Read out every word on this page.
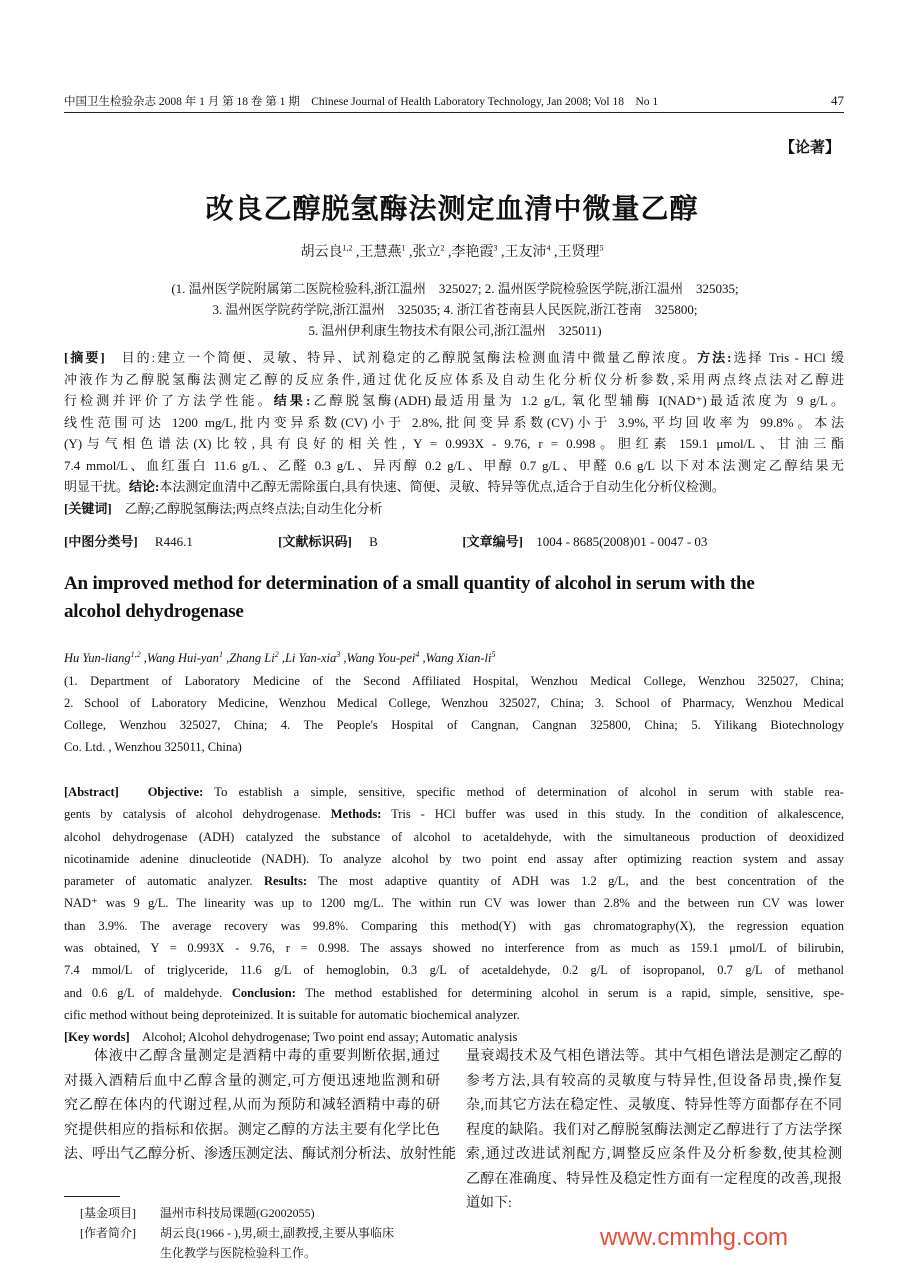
中国卫生检验杂志 2008 年 1 月 第 18 卷 第 1 期　Chinese Journal of Health Laboratory Technology, Jan 2008; Vol 18　No 1	47
【论著】
改良乙醇脱氢酶法测定血清中微量乙醇
胡云良$^{1,2}$ ,王慧燕$^1$ ,张立$^2$ ,李艳霞$^3$ ,王友沛$^4$ ,王贤理$^5$
(1. 温州医学院附属第二医院检验科,浙江温州　325027; 2. 温州医学院检验医学院,浙江温州　325035;
3. 温州医学院药学院,浙江温州　325035; 4. 浙江省苍南县人民医院,浙江苍南　325800;
5. 温州伊利康生物技术有限公司,浙江温州　325011)
[摘要]　目的:建立一个简便、灵敏、特异、试剂稳定的乙醇脱氢酶法检测血清中微量乙醇浓度。方法:选择 Tris - HCl 缓
冲液作为乙醇脱氢酶法测定乙醇的反应条件,通过优化反应体系及自动生化分析仪分析参数,采用两点终点法对乙醇进
行检测并评价了方法学性能。结果:乙醇脱氢酶(ADH)最适用量为 1.2 g/L, 氧化型辅酶 I(NAD⁺)最适浓度为 9 g/L。
线性范围可达 1200 mg/L,批内变异系数(CV)小于 2.8%,批间变异系数(CV)小于 3.9%,平均回收率为 99.8%。本法
(Y)与气相色谱法(X)比较,具有良好的相关性, Y = 0.993X - 9.76, r = 0.998。胆红素 159.1 μmol/L、甘油三酯
7.4 mmol/L、血红蛋白 11.6 g/L、乙醛 0.3 g/L、异丙醇 0.2 g/L、甲醇 0.7 g/L、甲醛 0.6 g/L 以下对本法测定乙醇结果无
明显干扰。结论:本法测定血清中乙醇无需除蛋白,具有快速、简便、灵敏、特异等优点,适合于自动生化分析仪检测。
[关键词]　乙醇;乙醇脱氢酶法;两点终点法;自动生化分析
[中图分类号] R446.1	[文献标识码] B	[文章编号] 1004 - 8685(2008)01 - 0047 - 03
An improved method for determination of a small quantity of alcohol in serum with the
alcohol dehydrogenase
Hu Yun-liang$^{1,2}$ ,Wang Hui-yan$^1$ ,Zhang Li$^2$ ,Li Yan-xia$^3$ ,Wang You-pei$^4$ ,Wang Xian-$li^5$
(1. Department of Laboratory Medicine of the Second Affiliated Hospital, Wenzhou Medical College, Wenzhou 325027, China;
2. School of Laboratory Medicine, Wenzhou Medical College, Wenzhou 325027, China; 3. School of Pharmacy, Wenzhou Medical
College, Wenzhou 325027, China; 4. The People's Hospital of Cangnan, Cangnan 325800, China; 5. Yilikang Biotechnology
Co. Ltd. , Wenzhou 325011, China)
[Abstract]　 Objective: To establish a simple, sensitive, specific method of determination of alcohol in serum with stable rea-
gents by catalysis of alcohol dehydrogenase. Methods: Tris - HCl buffer was used in this study. In the condition of alkalescence,
alcohol dehydrogenase (ADH) catalyzed the substance of alcohol to acetaldehyde, with the simultaneous production of deoxidized
nicotinamide adenine dinucleotide (NADH). To analyze alcohol by two point end assay after optimizing reaction system and assay
parameter of automatic analyzer. Results: The most adaptive quantity of ADH was 1.2 g/L, and the best concentration of the
NAD⁺ was 9 g/L. The linearity was up to 1200 mg/L. The within run CV was lower than 2.8% and the between run CV was lower
than 3.9%. The average recovery was 99.8%. Comparing this method(Y) with gas chromatography(X), the regression equation
was obtained, Y = 0.993X - 9.76, r = 0.998. The assays showed no interference from as much as 159.1 μmol/L of bilirubin,
7.4 mmol/L of triglyceride, 11.6 g/L of hemoglobin, 0.3 g/L of acetaldehyde, 0.2 g/L of isopropanol, 0.7 g/L of methanol
and 0.6 g/L of maldehyde. Conclusion: The method established for determining alcohol in serum is a rapid, simple, sensitive, spe-
cific method without being deproteinized. It is suitable for automatic biochemical analyzer.
[Key words]　Alcohol; Alcohol dehydrogenase; Two point end assay; Automatic analysis
　　体液中乙醇含量测定是酒精中毒的重要判断依据,通过
对摄入酒精后血中乙醇含量的测定,可方便迅速地监测和研
究乙醇在体内的代谢过程,从而为预防和减轻酒精中毒的研
究提供相应的指标和依据。测定乙醇的方法主要有化学比色
法、呼出气乙醇分析、渗透压测定法、酶试剂分析法、放射性能
量衰竭技术及气相色谱法等。其中气相色谱法是测定乙醇的
参考方法,具有较高的灵敏度与特异性,但设备昂贵,操作复
杂,而其它方法在稳定性、灵敏度、特异性等方面都存在不同
程度的缺陷。我们对乙醇脱氢酶法测定乙醇进行了方法学探
索,通过改进试剂配方,调整反应条件及分析参数,使其检测
乙醇在准确度、特异性及稳定性方面有一定程度的改善,现报
道如下:
[基金项目] 温州市科技局课题(G2002055)
[作者简介] 胡云良(1966 - ),男,硕士,副教授,主要从事临床
生化教学与医院检验科工作。
www.cmmhg.com
